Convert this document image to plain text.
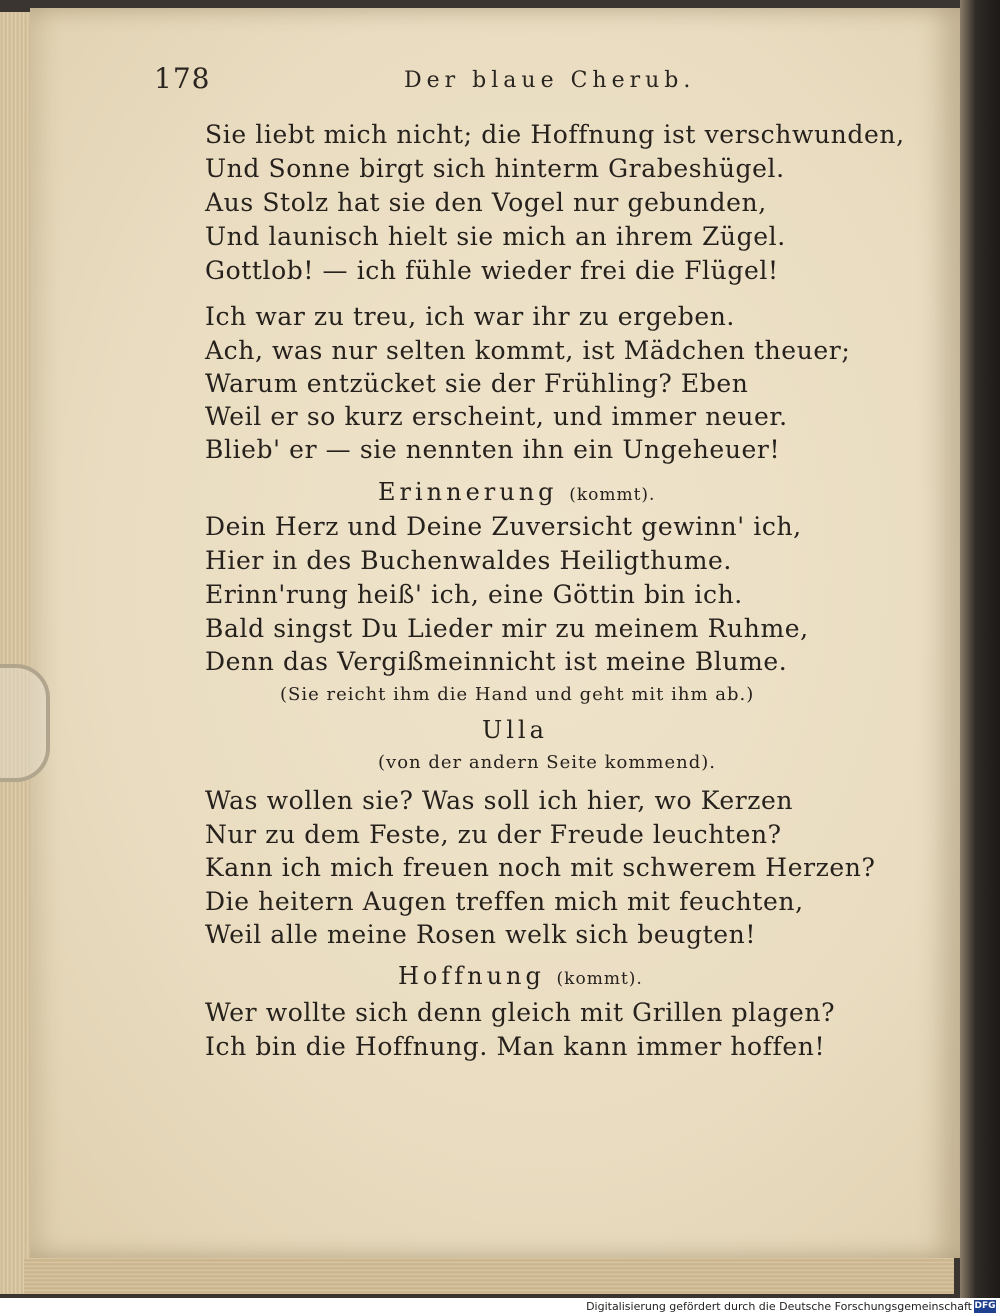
178	Der blaue Cherub.
Sie liebt mich nicht; die Hoffnung ist verschwunden,
Und Sonne birgt sich hinterm Grabeshügel.
Aus Stolz hat sie den Vogel nur gebunden,
Und launisch hielt sie mich an ihrem Zügel.
Gottlob! — ich fühle wieder frei die Flügel!
Ich war zu treu, ich war ihr zu ergeben.
Ach, was nur selten kommt, ist Mädchen theuer;
Warum entzücket sie der Frühling? Eben
Weil er so kurz erscheint, und immer neuer.
Blieb' er — sie nennten ihn ein Ungeheuer!
Erinnerung (kommt).
Dein Herz und Deine Zuversicht gewinn' ich,
Hier in des Buchenwaldes Heiligthume.
Erinn'rung heiß' ich, eine Göttin bin ich.
Bald singst Du Lieder mir zu meinem Ruhme,
Denn das Vergißmeinnicht ist meine Blume.
(Sie reicht ihm die Hand und geht mit ihm ab.)
Ulla
(von der andern Seite kommend).
Was wollen sie? Was soll ich hier, wo Kerzen
Nur zu dem Feste, zu der Freude leuchten?
Kann ich mich freuen noch mit schwerem Herzen?
Die heitern Augen treffen mich mit feuchten,
Weil alle meine Rosen welk sich beugten!
Hoffnung (kommt).
Wer wollte sich denn gleich mit Grillen plagen?
Ich bin die Hoffnung. Man kann immer hoffen!
Digitalisierung gefördert durch die Deutsche Forschungsgemeinschaft DFG
